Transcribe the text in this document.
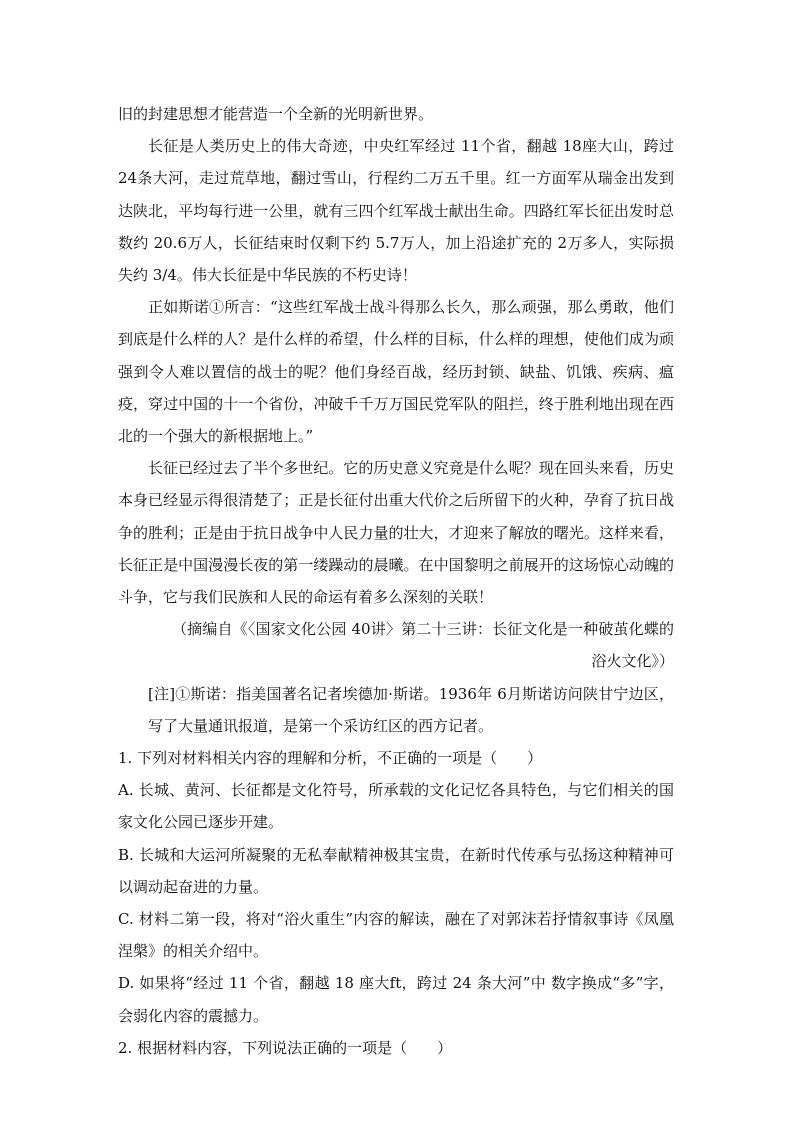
旧的封建思想才能营造一个全新的光明新世界。

长征是人类历史上的伟大奇迹，中央红军经过 11个省，翻越 18座大山，跨过 24条大河，走过荒草地，翻过雪山，行程约二万五千里。红一方面军从瑞金出发到达陕北，平均每行进一公里，就有三四个红军战士献出生命。四路红军长征出发时总数约 20.6万人，长征结束时仅剩下约 5.7万人，加上沿途扩充的 2万多人，实际损失约 3/4。伟大长征是中华民族的不朽史诗！

正如斯诺①所言：“这些红军战士战斗得那么长久，那么顽强，那么勇敢，他们到底是什么样的人？是什么样的希望，什么样的目标，什么样的理想，使他们成为顽强到令人难以置信的战士的呢？他们身经百战，经历封锁、缺盐、饥饿、疾病、瘟疫，穿过中国的十一个省份，冲破千千万万国民党军队的阻拦，终于胜利地出现在西北的一个强大的新根据地上。”

长征已经过去了半个多世纪。它的历史意义究竟是什么呢？现在回头来看，历史本身已经显示得很清楚了；正是长征付出重大代价之后所留下的火种，孕育了抗日战争的胜利；正是由于抗日战争中人民力量的壮大，才迎来了解放的曙光。这样来看，长征正是中国漫漫长夜的第一缕躁动的晨曦。在中国黎明之前展开的这场惊心动魄的斗争，它与我们民族和人民的命运有着多么深刻的关联！

（摘编自《〈国家文化公园 40讲〉第二十三讲：长征文化是一种破茧化蝶的浴火文化》）

[注]①斯诺：指美国著名记者埃德加·斯诺。1936年 6月斯诺访问陕甘宁边区，写了大量通讯报道，是第一个采访红区的西方记者。

1. 下列对材料相关内容的理解和分析，不正确的一项是（　　）

A. 长城、黄河、长征都是文化符号，所承载的文化记忆各具特色，与它们相关的国家文化公园已逐步开建。

B. 长城和大运河所凝聚的无私奉献精神极其宝贵，在新时代传承与弘扬这种精神可以调动起奋进的力量。

C. 材料二第一段，将对“浴火重生”内容的解读，融在了对郭沫若抒情叙事诗《凤凰涅槃》的相关介绍中。

D. 如果将“经过 11 个省，翻越 18 座大ft，跨过 24 条大河”中 数字换成“多”字，会弱化内容的震撼力。

2. 根据材料内容，下列说法正确的一项是（　　）
